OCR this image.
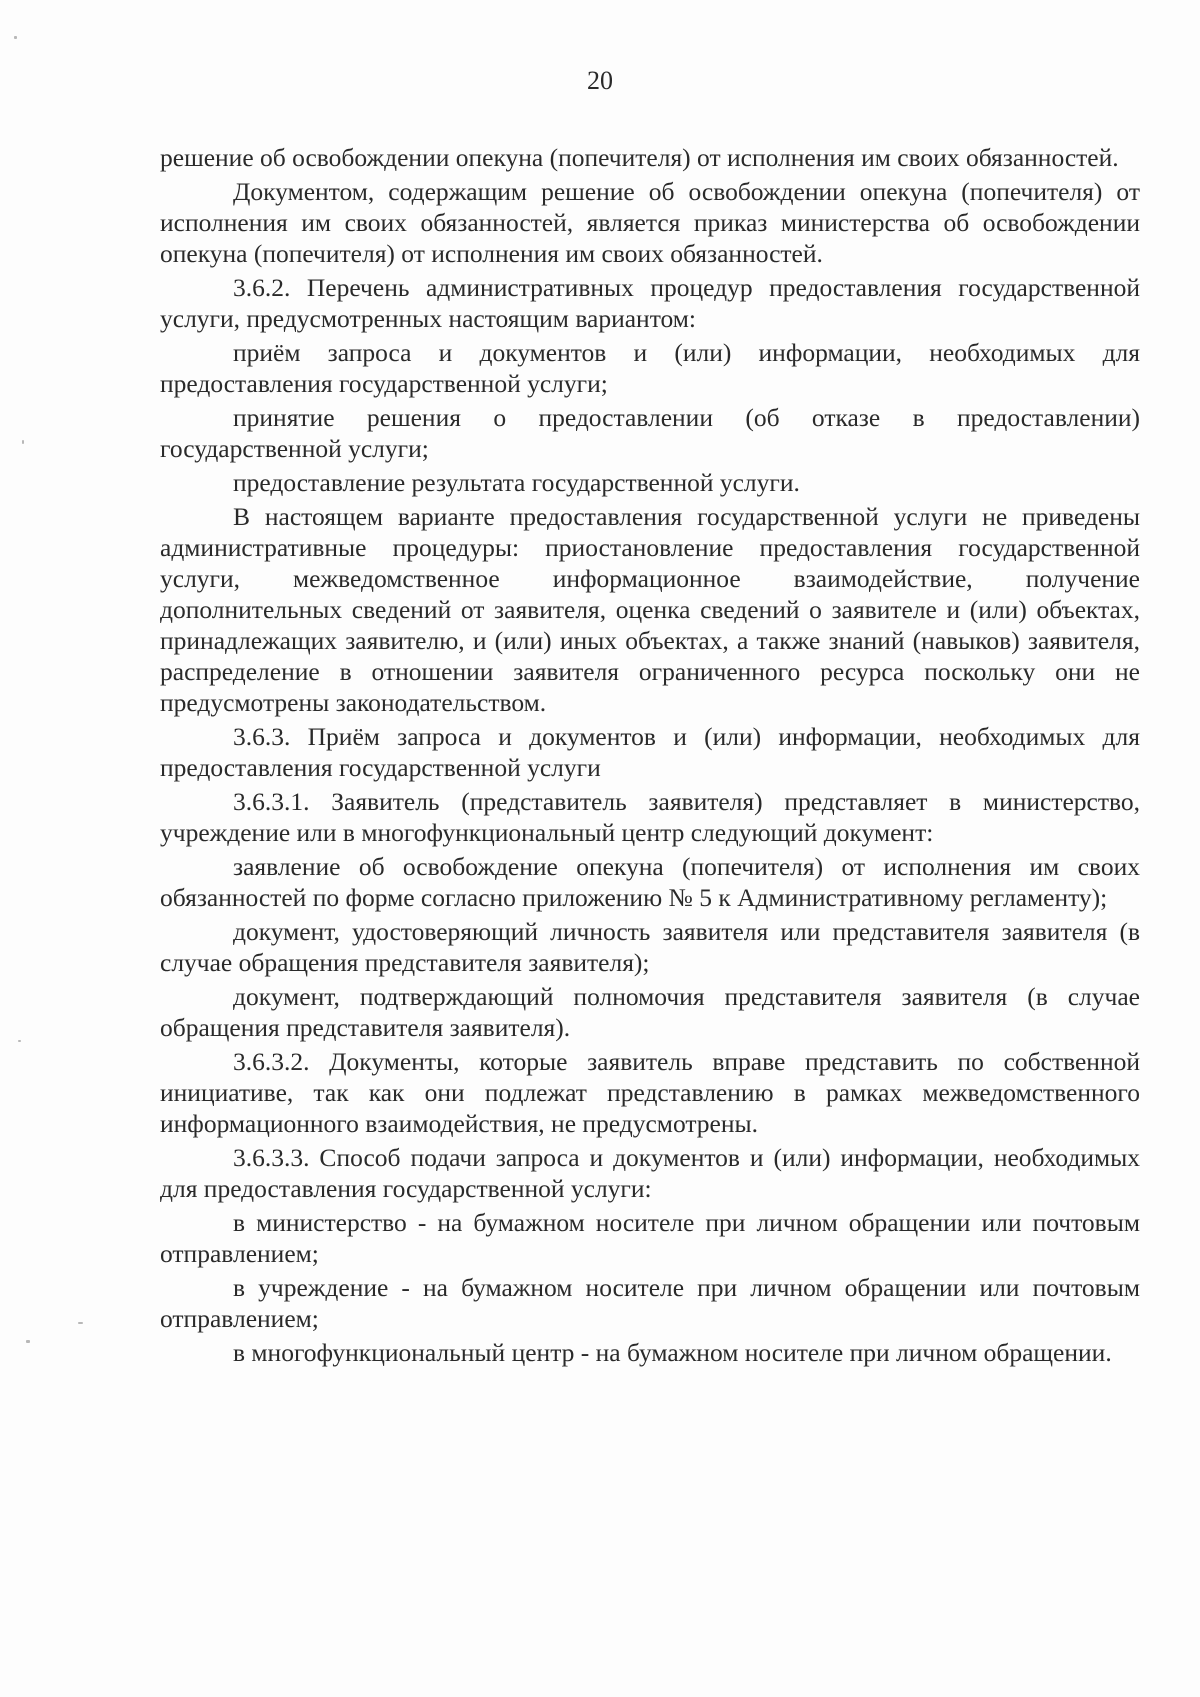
20

решение об освобождении опекуна (попечителя) от исполнения им своих обязанностей.

Документом, содержащим решение об освобождении опекуна (попечителя) от исполнения им своих обязанностей, является приказ министерства об освобождении опекуна (попечителя) от исполнения им своих обязанностей.

3.6.2. Перечень административных процедур предоставления государственной услуги, предусмотренных настоящим вариантом:

приём запроса и документов и (или) информации, необходимых для предоставления государственной услуги;

принятие решения о предоставлении (об отказе в предоставлении) государственной услуги;

предоставление результата государственной услуги.

В настоящем варианте предоставления государственной услуги не приведены административные процедуры: приостановление предоставления государственной услуги, межведомственное информационное взаимодействие, получение дополнительных сведений от заявителя, оценка сведений о заявителе и (или) объектах, принадлежащих заявителю, и (или) иных объектах, а также знаний (навыков) заявителя, распределение в отношении заявителя ограниченного ресурса поскольку они не предусмотрены законодательством.

3.6.3. Приём запроса и документов и (или) информации, необходимых для предоставления государственной услуги

3.6.3.1. Заявитель (представитель заявителя) представляет в министерство, учреждение или в многофункциональный центр следующий документ:

заявление об освобождение опекуна (попечителя) от исполнения им своих обязанностей по форме согласно приложению № 5 к Административному регламенту);

документ, удостоверяющий личность заявителя или представителя заявителя (в случае обращения представителя заявителя);

документ, подтверждающий полномочия представителя заявителя (в случае обращения представителя заявителя).

3.6.3.2. Документы, которые заявитель вправе представить по собственной инициативе, так как они подлежат представлению в рамках межведомственного информационного взаимодействия, не предусмотрены.

3.6.3.3. Способ подачи запроса и документов и (или) информации, необходимых для предоставления государственной услуги:

в министерство - на бумажном носителе при личном обращении или почтовым отправлением;

в учреждение - на бумажном носителе при личном обращении или почтовым отправлением;

в многофункциональный центр - на бумажном носителе при личном обращении.
